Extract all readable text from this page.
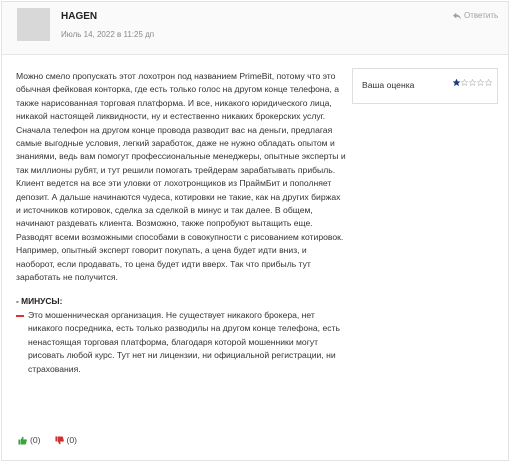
HAGEN
Июль 14, 2022 в 11:25 дп
Ответить

Можно смело пропускать этот лохотрон под названием PrimeBit, потому что это обычная фейковая конторка, где есть только голос на другом конце телефона, а также нарисованная торговая платформа. И все, никакого юридического лица, никакой настоящей ликвидности, ну и естественно никаких брокерских услуг.

Сначала телефон на другом конце провода разводит вас на деньги, предлагая самые выгодные условия, легкий заработок, даже не нужно обладать опытом и знаниями, ведь вам помогут профессиональные менеджеры, опытные эксперты и так миллионы рубят, и тут решили помогать трейдерам зарабатывать прибыль.

Клиент ведется на все эти уловки от лохотронщиков из ПраймБит и пополняет депозит. А дальше начинаются чудеса, котировки не такие, как на других биржах и источников котировок, сделка за сделкой в минус и так далее. В общем, начинают раздевать клиента. Возможно, также попробуют вытащить еще. Разводят всеми возможными способами в совокупности с рисованием котировок. Например, опытный эксперт говорит покупать, а цена будет идти вниз, и наоборот, если продавать, то цена будет идти вверх. Так что прибыль тут заработать не получится.

- МИНУСЫ:

Это мошенническая организация. Не существует никакого брокера, нет никакого посредника, есть только разводилы на другом конце телефона, есть ненастоящая торговая платформа, благодаря которой мошенники могут рисовать любой курс. Тут нет ни лицензии, ни официальной регистрации, ни страхования.

Ваша оценка
(0)	(0)
